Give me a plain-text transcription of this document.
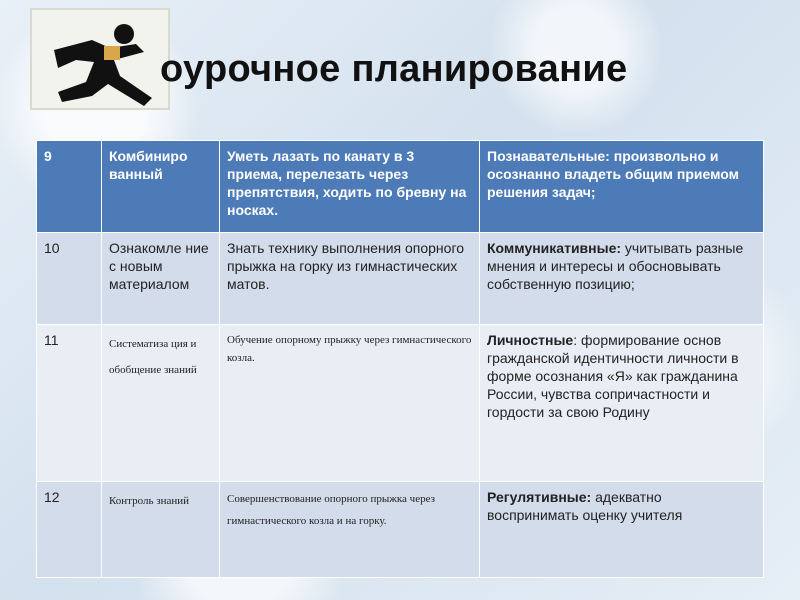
оурочное планирование
9	Комбиниро ванный	Уметь лазать по канату в 3 приема, перелезать через препятствия, ходить по бревну на носках.	Познавательные: произвольно и осознанно владеть общим приемом решения задач;
10	Ознакомле ние с новым материалом	Знать технику выполнения опорного прыжка на горку из гимнастических матов.	Коммуникативные: учитывать разные мнения и интересы и обосновывать собственную позицию;
11	Систематиза ция и обобщение знаний	Обучение опорному прыжку через гимнастического козла.	Личностные: формирование основ гражданской идентичности личности в форме осознания «Я» как гражданина России, чувства сопричастности и гордости за свою Родину
12	Контроль знаний	Совершенствование опорного прыжка через гимнастического козла и на горку.	Регулятивные: адекватно воспринимать оценку учителя
